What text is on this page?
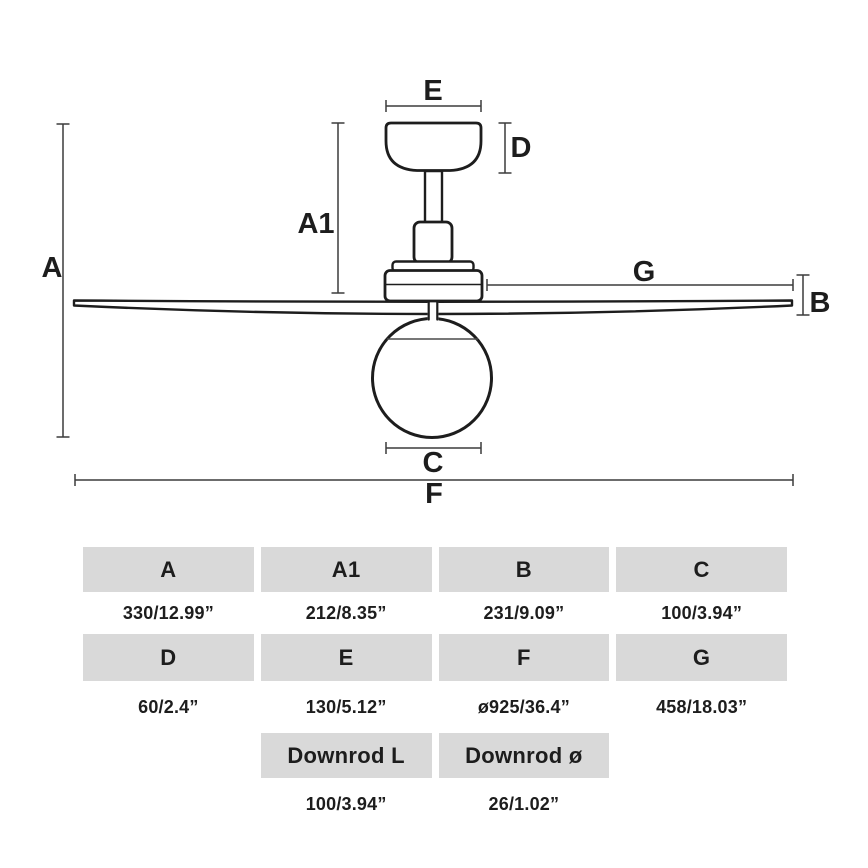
A
A1
E
D
G
B
C
F
A	A1	B	C
330/12.99”	212/8.35”	231/9.09”	100/3.94”
D	E	F	G
60/2.4”	130/5.12”	ø925/36.4”	458/18.03”
Downrod L	Downrod ø
100/3.94”	26/1.02”
